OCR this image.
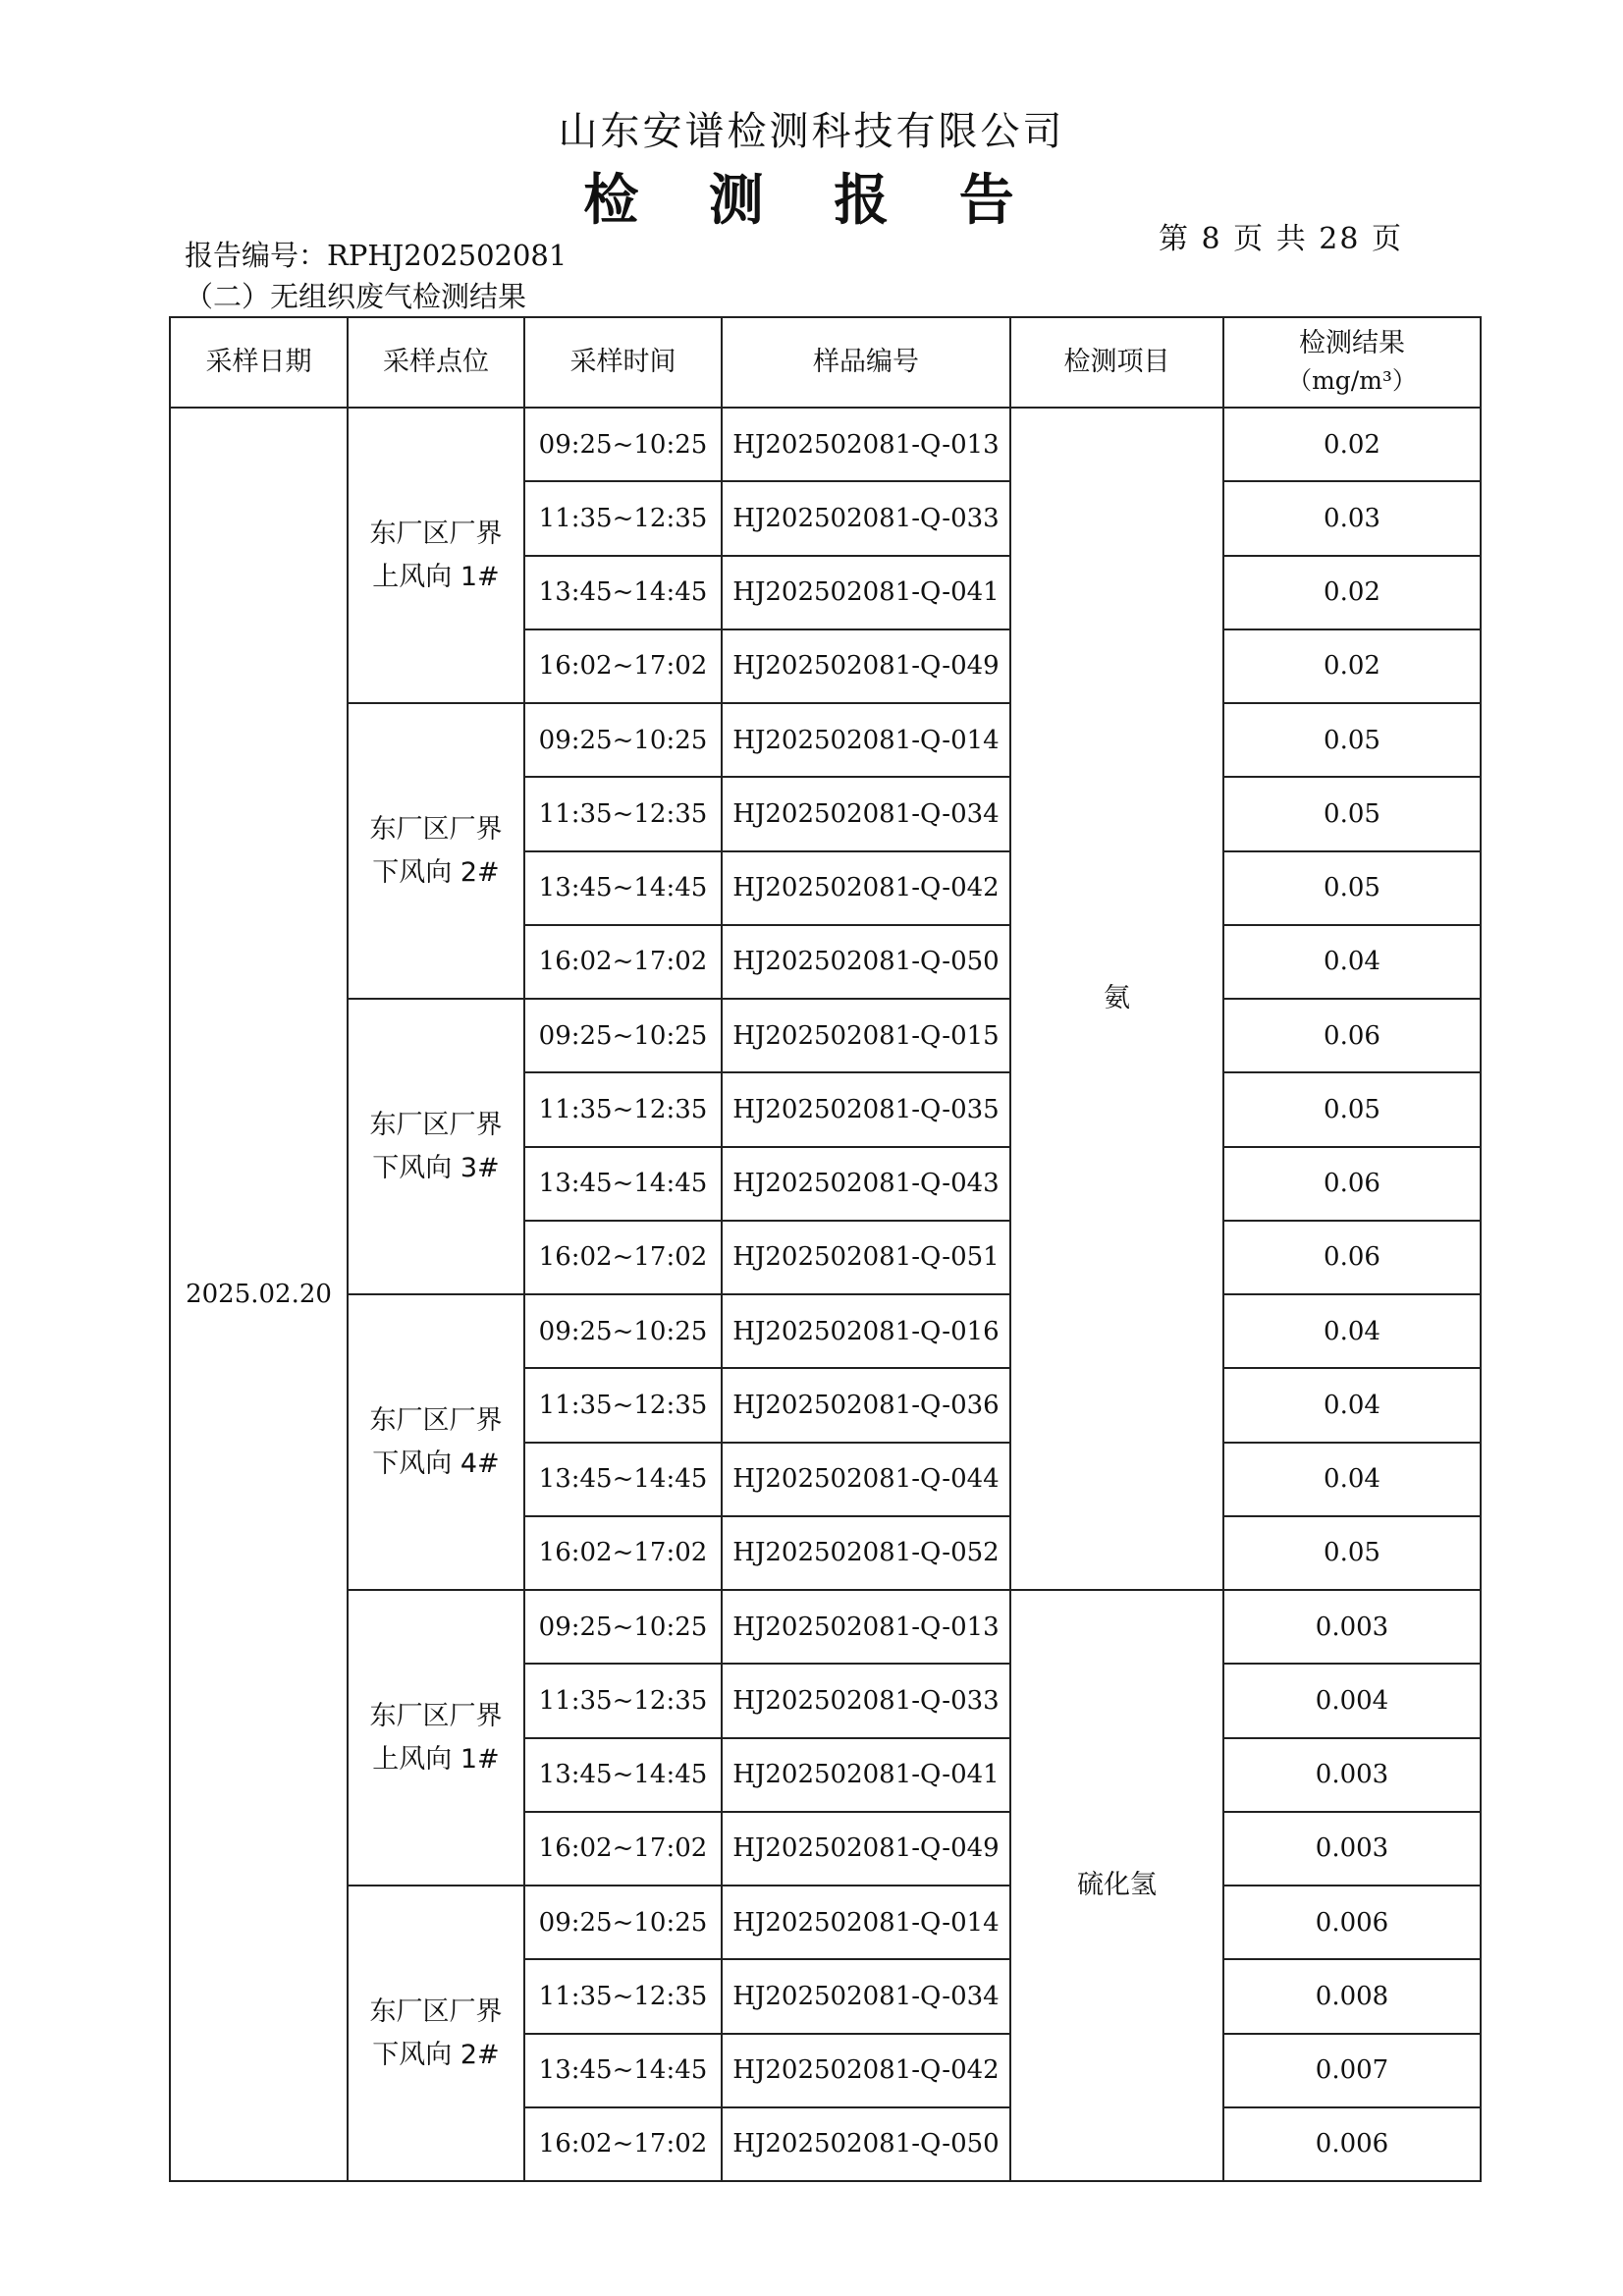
山东安谱检测科技有限公司
检 测 报 告
第 8 页 共 28 页
报告编号：RPHJ202502081
（二）无组织废气检测结果
采样日期	采样点位	采样时间	样品编号	检测项目	检测结果
（mg/m³）

2025.02.20	东厂区厂界
上风向 1#	09:25~10:25	HJ202502081-Q-013	氨	0.02
		11:35~12:35	HJ202502081-Q-033		0.03
		13:45~14:45	HJ202502081-Q-041		0.02
		16:02~17:02	HJ202502081-Q-049		0.02

	东厂区厂界
下风向 2#	09:25~10:25	HJ202502081-Q-014		0.05
		11:35~12:35	HJ202502081-Q-034		0.05
		13:45~14:45	HJ202502081-Q-042		0.05
		16:02~17:02	HJ202502081-Q-050		0.04

	东厂区厂界
下风向 3#	09:25~10:25	HJ202502081-Q-015		0.06
		11:35~12:35	HJ202502081-Q-035		0.05
		13:45~14:45	HJ202502081-Q-043		0.06
		16:02~17:02	HJ202502081-Q-051		0.06

	东厂区厂界
下风向 4#	09:25~10:25	HJ202502081-Q-016		0.04
		11:35~12:35	HJ202502081-Q-036		0.04
		13:45~14:45	HJ202502081-Q-044		0.04
		16:02~17:02	HJ202502081-Q-052		0.05

	东厂区厂界
上风向 1#	09:25~10:25	HJ202502081-Q-013	硫化氢	0.003
		11:35~12:35	HJ202502081-Q-033		0.004
		13:45~14:45	HJ202502081-Q-041		0.003
		16:02~17:02	HJ202502081-Q-049		0.003

	东厂区厂界
下风向 2#	09:25~10:25	HJ202502081-Q-014		0.006
		11:35~12:35	HJ202502081-Q-034		0.008
		13:45~14:45	HJ202502081-Q-042		0.007
		16:02~17:02	HJ202502081-Q-050		0.006
